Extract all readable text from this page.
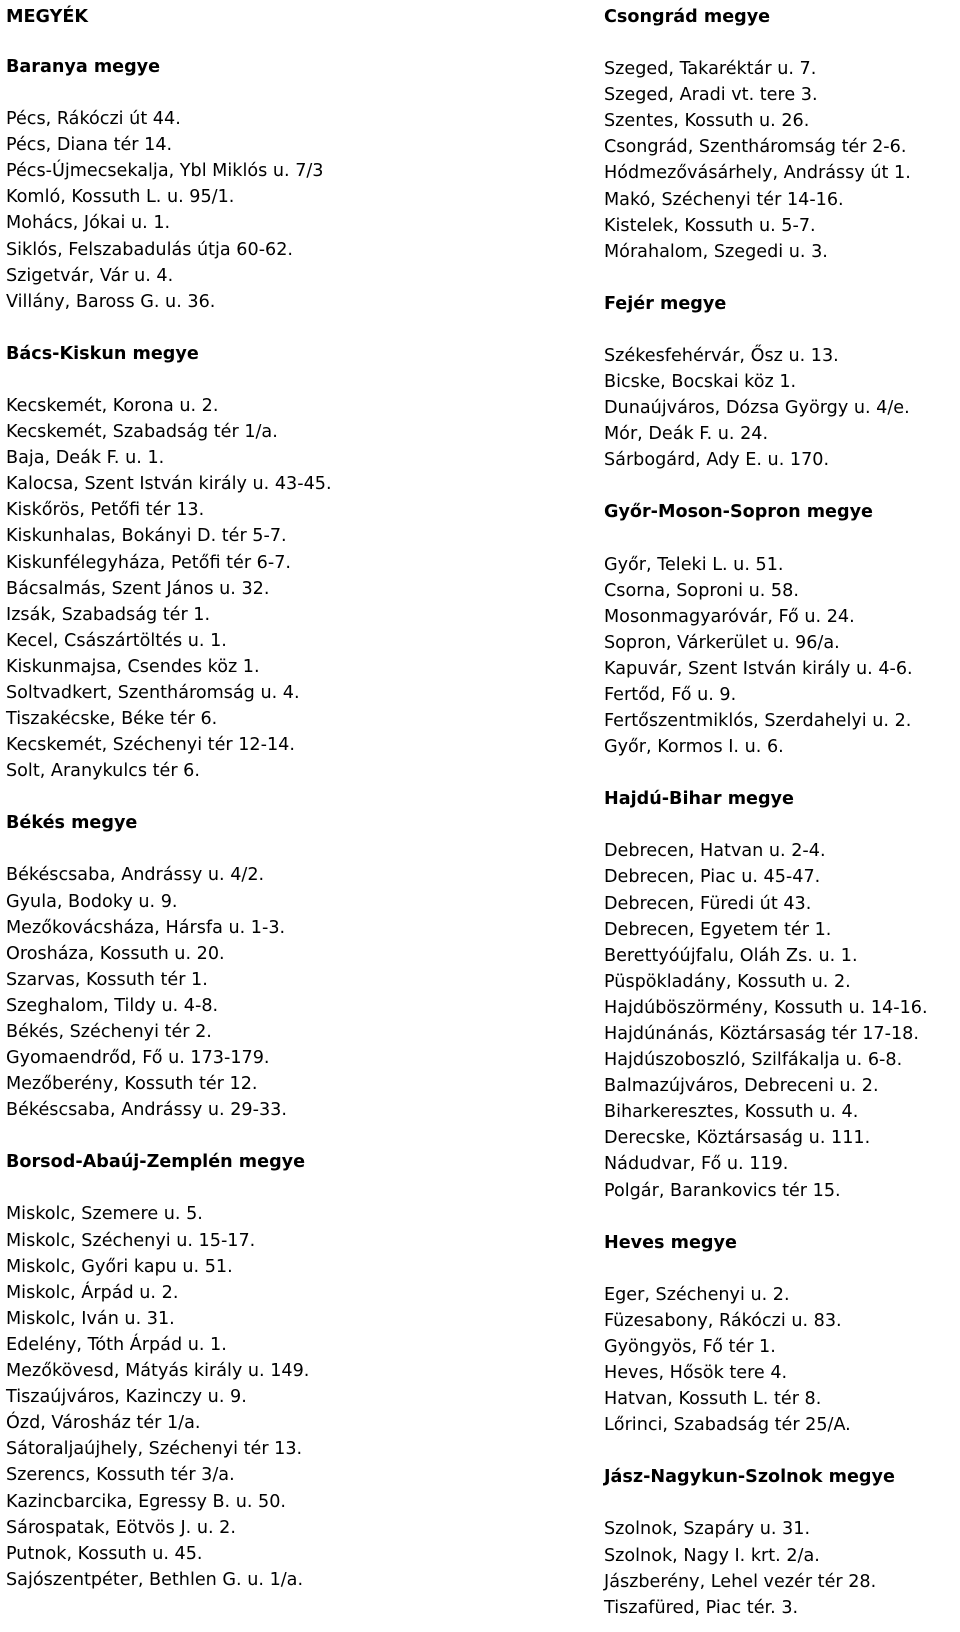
MEGYÉK
Baranya megye
Pécs, Rákóczi út 44.
Pécs, Diana tér 14.
Pécs-Újmecsekalja, Ybl Miklós u. 7/3
Komló, Kossuth L. u. 95/1.
Mohács, Jókai u. 1.
Siklós, Felszabadulás útja 60-62.
Szigetvár, Vár u. 4.
Villány, Baross G. u. 36.
Bács-Kiskun megye
Kecskemét, Korona u. 2.
Kecskemét, Szabadság tér 1/a.
Baja, Deák F. u. 1.
Kalocsa, Szent István király u. 43-45.
Kiskőrös, Petőfi tér 13.
Kiskunhalas, Bokányi D. tér 5-7.
Kiskunfélegyháza, Petőfi tér 6-7.
Bácsalmás, Szent János u. 32.
Izsák, Szabadság tér 1.
Kecel, Császártöltés u. 1.
Kiskunmajsa, Csendes köz 1.
Soltvadkert, Szentháromság u. 4.
Tiszakécske, Béke tér 6.
Kecskemét, Széchenyi tér 12-14.
Solt, Aranykulcs tér 6.
Békés megye
Békéscsaba, Andrássy u. 4/2.
Gyula, Bodoky u. 9.
Mezőkovácsháza, Hársfa u. 1-3.
Orosháza, Kossuth u. 20.
Szarvas, Kossuth tér 1.
Szeghalom, Tildy u. 4-8.
Békés, Széchenyi tér 2.
Gyomaendrőd, Fő u. 173-179.
Mezőberény, Kossuth tér 12.
Békéscsaba, Andrássy u. 29-33.
Borsod-Abaúj-Zemplén megye
Miskolc, Szemere u. 5.
Miskolc, Széchenyi u. 15-17.
Miskolc, Győri kapu u. 51.
Miskolc, Árpád u. 2.
Miskolc, Iván u. 31.
Edelény, Tóth Árpád u. 1.
Mezőkövesd, Mátyás király u. 149.
Tiszaújváros, Kazinczy u. 9.
Ózd, Városház tér 1/a.
Sátoraljaújhely, Széchenyi tér 13.
Szerencs, Kossuth tér 3/a.
Kazincbarcika, Egressy B. u. 50.
Sárospatak, Eötvös J. u. 2.
Putnok, Kossuth u. 45.
Sajószentpéter, Bethlen G. u. 1/a.
Csongrád megye
Szeged, Takaréktár u. 7.
Szeged, Aradi vt. tere 3.
Szentes, Kossuth u. 26.
Csongrád, Szentháromság tér 2-6.
Hódmezővásárhely, Andrássy út 1.
Makó, Széchenyi tér 14-16.
Kistelek, Kossuth u. 5-7.
Mórahalom, Szegedi u. 3.
Fejér megye
Székesfehérvár, Ősz u. 13.
Bicske, Bocskai köz 1.
Dunaújváros, Dózsa György u. 4/e.
Mór, Deák F. u. 24.
Sárbogárd, Ady E. u. 170.
Győr-Moson-Sopron megye
Győr, Teleki L. u. 51.
Csorna, Soproni u. 58.
Mosonmagyaróvár, Fő u. 24.
Sopron, Várkerület u. 96/a.
Kapuvár, Szent István király u. 4-6.
Fertőd, Fő u. 9.
Fertőszentmiklós, Szerdahelyi u. 2.
Győr, Kormos I. u. 6.
Hajdú-Bihar megye
Debrecen, Hatvan u. 2-4.
Debrecen, Piac u. 45-47.
Debrecen, Füredi út 43.
Debrecen, Egyetem tér 1.
Berettyóújfalu, Oláh Zs. u. 1.
Püspökladány, Kossuth u. 2.
Hajdúböszörmény, Kossuth u. 14-16.
Hajdúnánás, Köztársaság tér 17-18.
Hajdúszoboszló, Szilfákalja u. 6-8.
Balmazújváros, Debreceni u. 2.
Biharkeresztes, Kossuth u. 4.
Derecske, Köztársaság u. 111.
Nádudvar, Fő u. 119.
Polgár, Barankovics tér 15.
Heves megye
Eger, Széchenyi u. 2.
Füzesabony, Rákóczi u. 83.
Gyöngyös, Fő tér 1.
Heves, Hősök tere 4.
Hatvan, Kossuth L. tér 8.
Lőrinci, Szabadság tér 25/A.
Jász-Nagykun-Szolnok megye
Szolnok, Szapáry u. 31.
Szolnok, Nagy I. krt. 2/a.
Jászberény, Lehel vezér tér 28.
Tiszafüred, Piac tér. 3.
